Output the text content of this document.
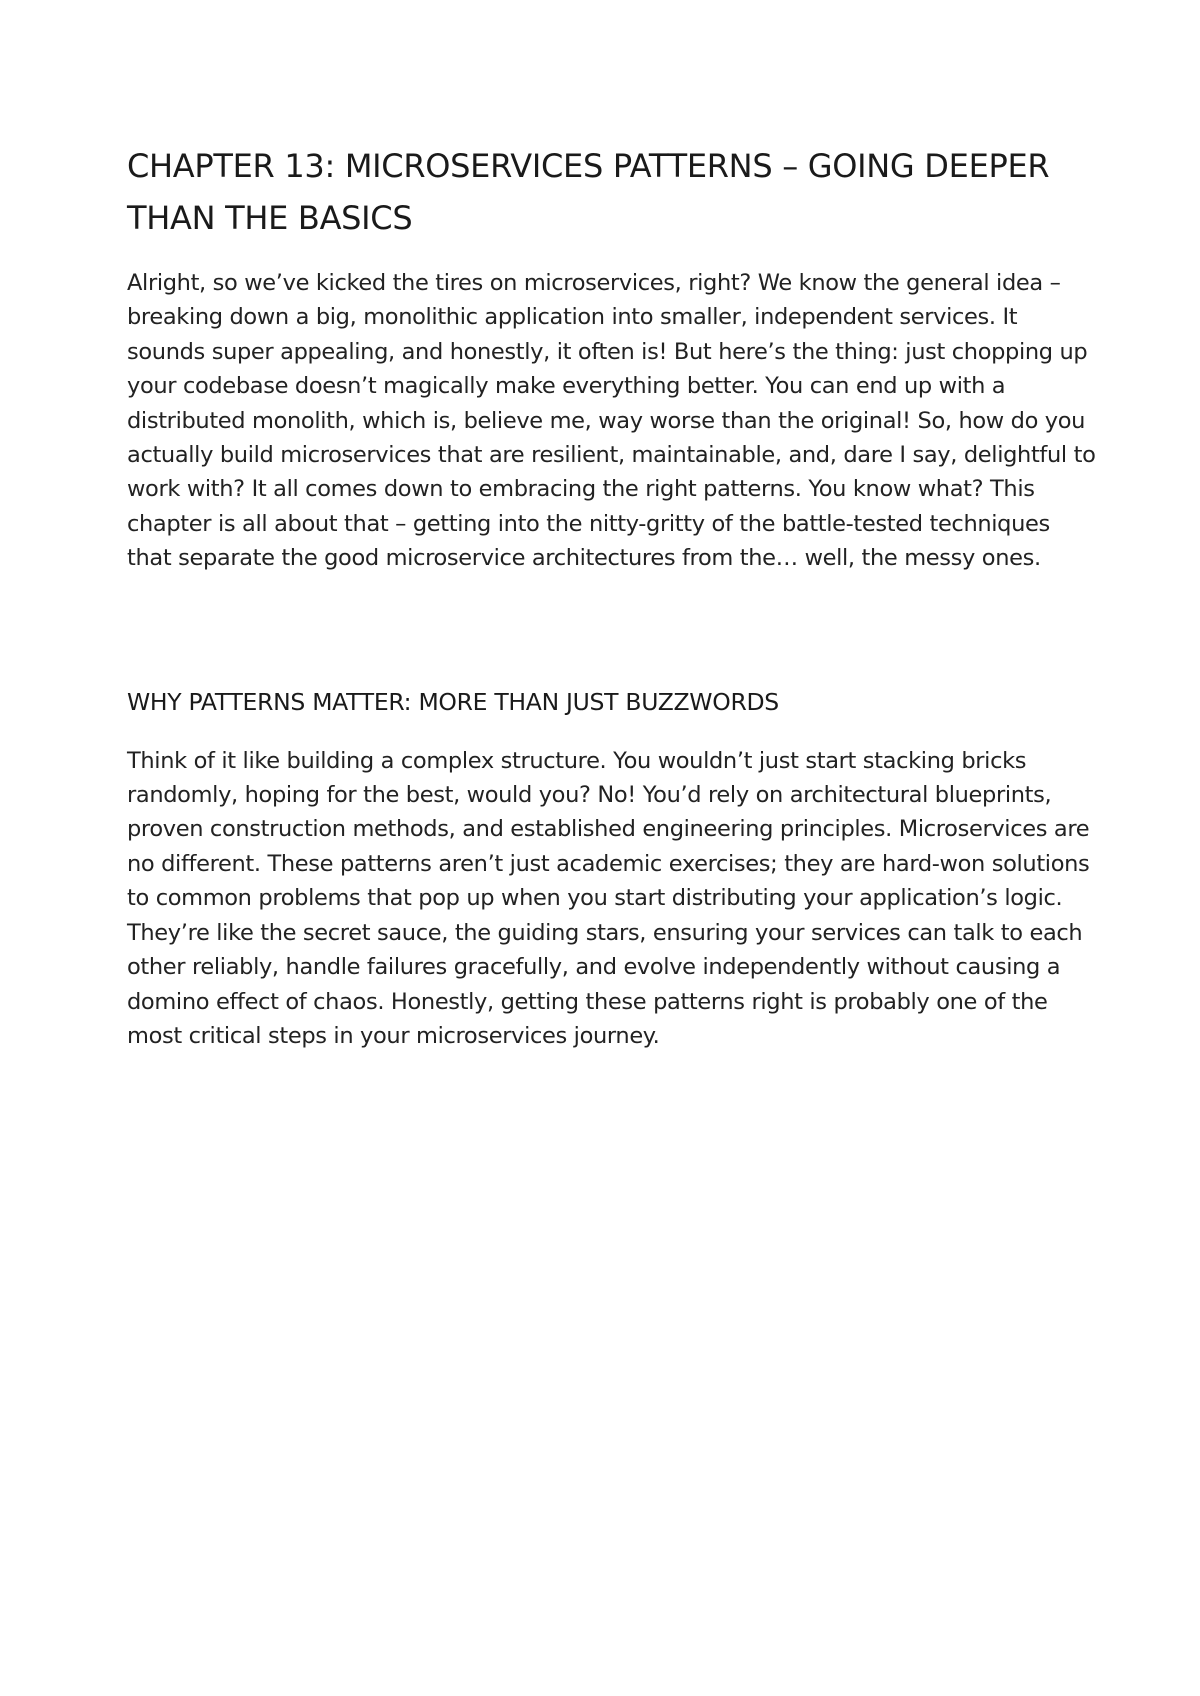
CHAPTER 13: MICROSERVICES PATTERNS – GOING DEEPER THAN THE BASICS

Alright, so we’ve kicked the tires on microservices, right? We know the general idea – breaking down a big, monolithic application into smaller, independent services. It sounds super appealing, and honestly, it often is! But here’s the thing: just chopping up your codebase doesn’t magically make everything better. You can end up with a distributed monolith, which is, believe me, way worse than the original! So, how do you actually build microservices that are resilient, maintainable, and, dare I say, delightful to work with? It all comes down to embracing the right patterns. You know what? This chapter is all about that – getting into the nitty-gritty of the battle-tested techniques that separate the good microservice architectures from the… well, the messy ones.

WHY PATTERNS MATTER: MORE THAN JUST BUZZWORDS

Think of it like building a complex structure. You wouldn’t just start stacking bricks randomly, hoping for the best, would you? No! You’d rely on architectural blueprints, proven construction methods, and established engineering principles. Microservices are no different. These patterns aren’t just academic exercises; they are hard-won solutions to common problems that pop up when you start distributing your application’s logic. They’re like the secret sauce, the guiding stars, ensuring your services can talk to each other reliably, handle failures gracefully, and evolve independently without causing a domino effect of chaos. Honestly, getting these patterns right is probably one of the most critical steps in your microservices journey.
